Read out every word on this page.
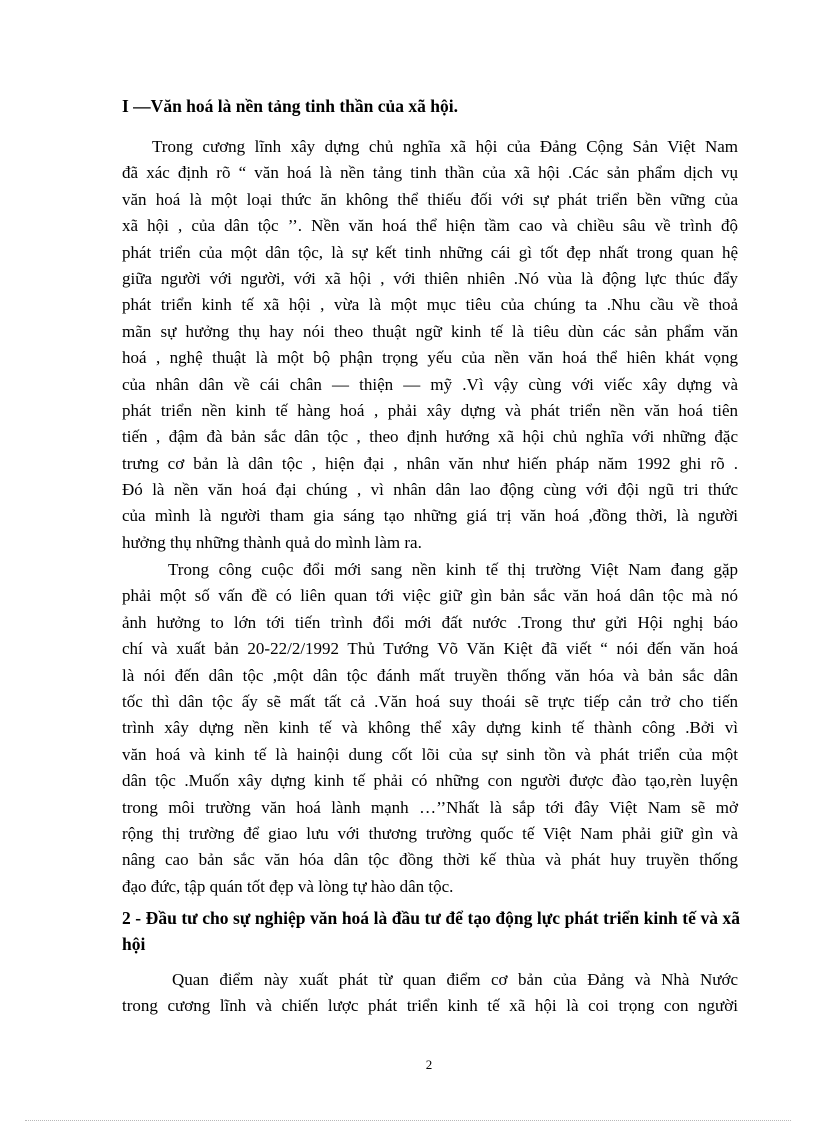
I —Văn hoá là nền tảng tinh thần của xã hội.

Trong cương lĩnh xây dựng chủ nghĩa xã hội của Đảng Cộng Sản Việt Nam
đã xác định rõ “ văn hoá là nền tảng tinh thần của xã hội .Các sản phẩm dịch vụ
văn hoá là một loại thức ăn không thể thiếu đối với sự phát triển bền vững của
xã hội , của dân tộc ’’. Nền văn hoá thể hiện tầm cao và chiều sâu về trình độ
phát triển của một dân tộc, là sự kết tinh những cái gì tốt đẹp nhất trong quan hệ
giữa người với người, với xã hội , với thiên nhiên .Nó vùa là động lực thúc đẩy
phát triển kinh tế xã hội , vừa là một mục tiêu của chúng ta .Nhu cầu về thoả
mãn sự hưởng thụ hay nói theo thuật ngữ kinh tế là tiêu dùn các sản phẩm văn
hoá , nghệ thuật là một bộ phận trọng yếu của nền văn hoá thể hiên khát vọng
của nhân dân về cái chân — thiện — mỹ .Vì vậy cùng với viếc xây dựng và
phát triển nền kinh tế hàng hoá , phải xây dựng và phát triển nền văn hoá tiên
tiến , đậm đà bản sắc dân tộc , theo định hướng xã hội chủ nghĩa với những đặc
trưng cơ bản là dân tộc , hiện đại , nhân văn như hiến pháp năm 1992 ghi rõ .
Đó là nền văn hoá đại chúng , vì nhân dân lao động cùng với đội ngũ tri thức
của mình là người tham gia sáng tạo những giá trị văn hoá ,đồng thời, là người
hưởng thụ những thành quả do mình làm ra.

Trong công cuộc đổi mới sang nền kinh tế thị trường Việt Nam đang gặp
phải một số vấn đề có liên quan tới việc giữ gìn bản sắc văn hoá dân tộc mà nó
ảnh hưởng to lớn tới tiến trình đổi mới đất nước .Trong thư gửi Hội nghị báo
chí và xuất bản 20-22/2/1992 Thủ Tướng Võ Văn Kiệt đã viết “ nói đến văn hoá
là nói đến dân tộc ,một dân tộc đánh mất truyền thống văn hóa và bản sắc dân
tốc thì dân tộc ấy sẽ mất tất cả .Văn hoá suy thoái sẽ trực tiếp cản trở cho tiến
trình xây dựng nền kinh tế và không thể xây dựng kinh tế thành công .Bởi vì
văn hoá và kinh tế là hainội dung cốt lõi của sự sinh tồn và phát triển của một
dân tộc .Muốn xây dựng kinh tế phải có những con người được đào tạo,rèn luyện
trong môi trường văn hoá lành mạnh …’’Nhất là sắp tới đây Việt Nam sẽ mở
rộng thị trường để giao lưu với thương trường quốc tế Việt Nam phải giữ gìn và
nâng cao bản sắc văn hóa dân tộc đồng thời kế thùa và phát huy truyền thống
đạo đức, tập quán tốt đẹp và lòng tự hào dân tộc.

2 - Đầu tư cho sự nghiệp văn hoá là đầu tư để tạo động lực phát triển kinh tế và xã hội

Quan điểm này xuất phát từ quan điểm cơ bản của Đảng và Nhà Nước
trong cương lĩnh và chiến lược phát triển kinh tế xã hội là coi trọng con người

2
